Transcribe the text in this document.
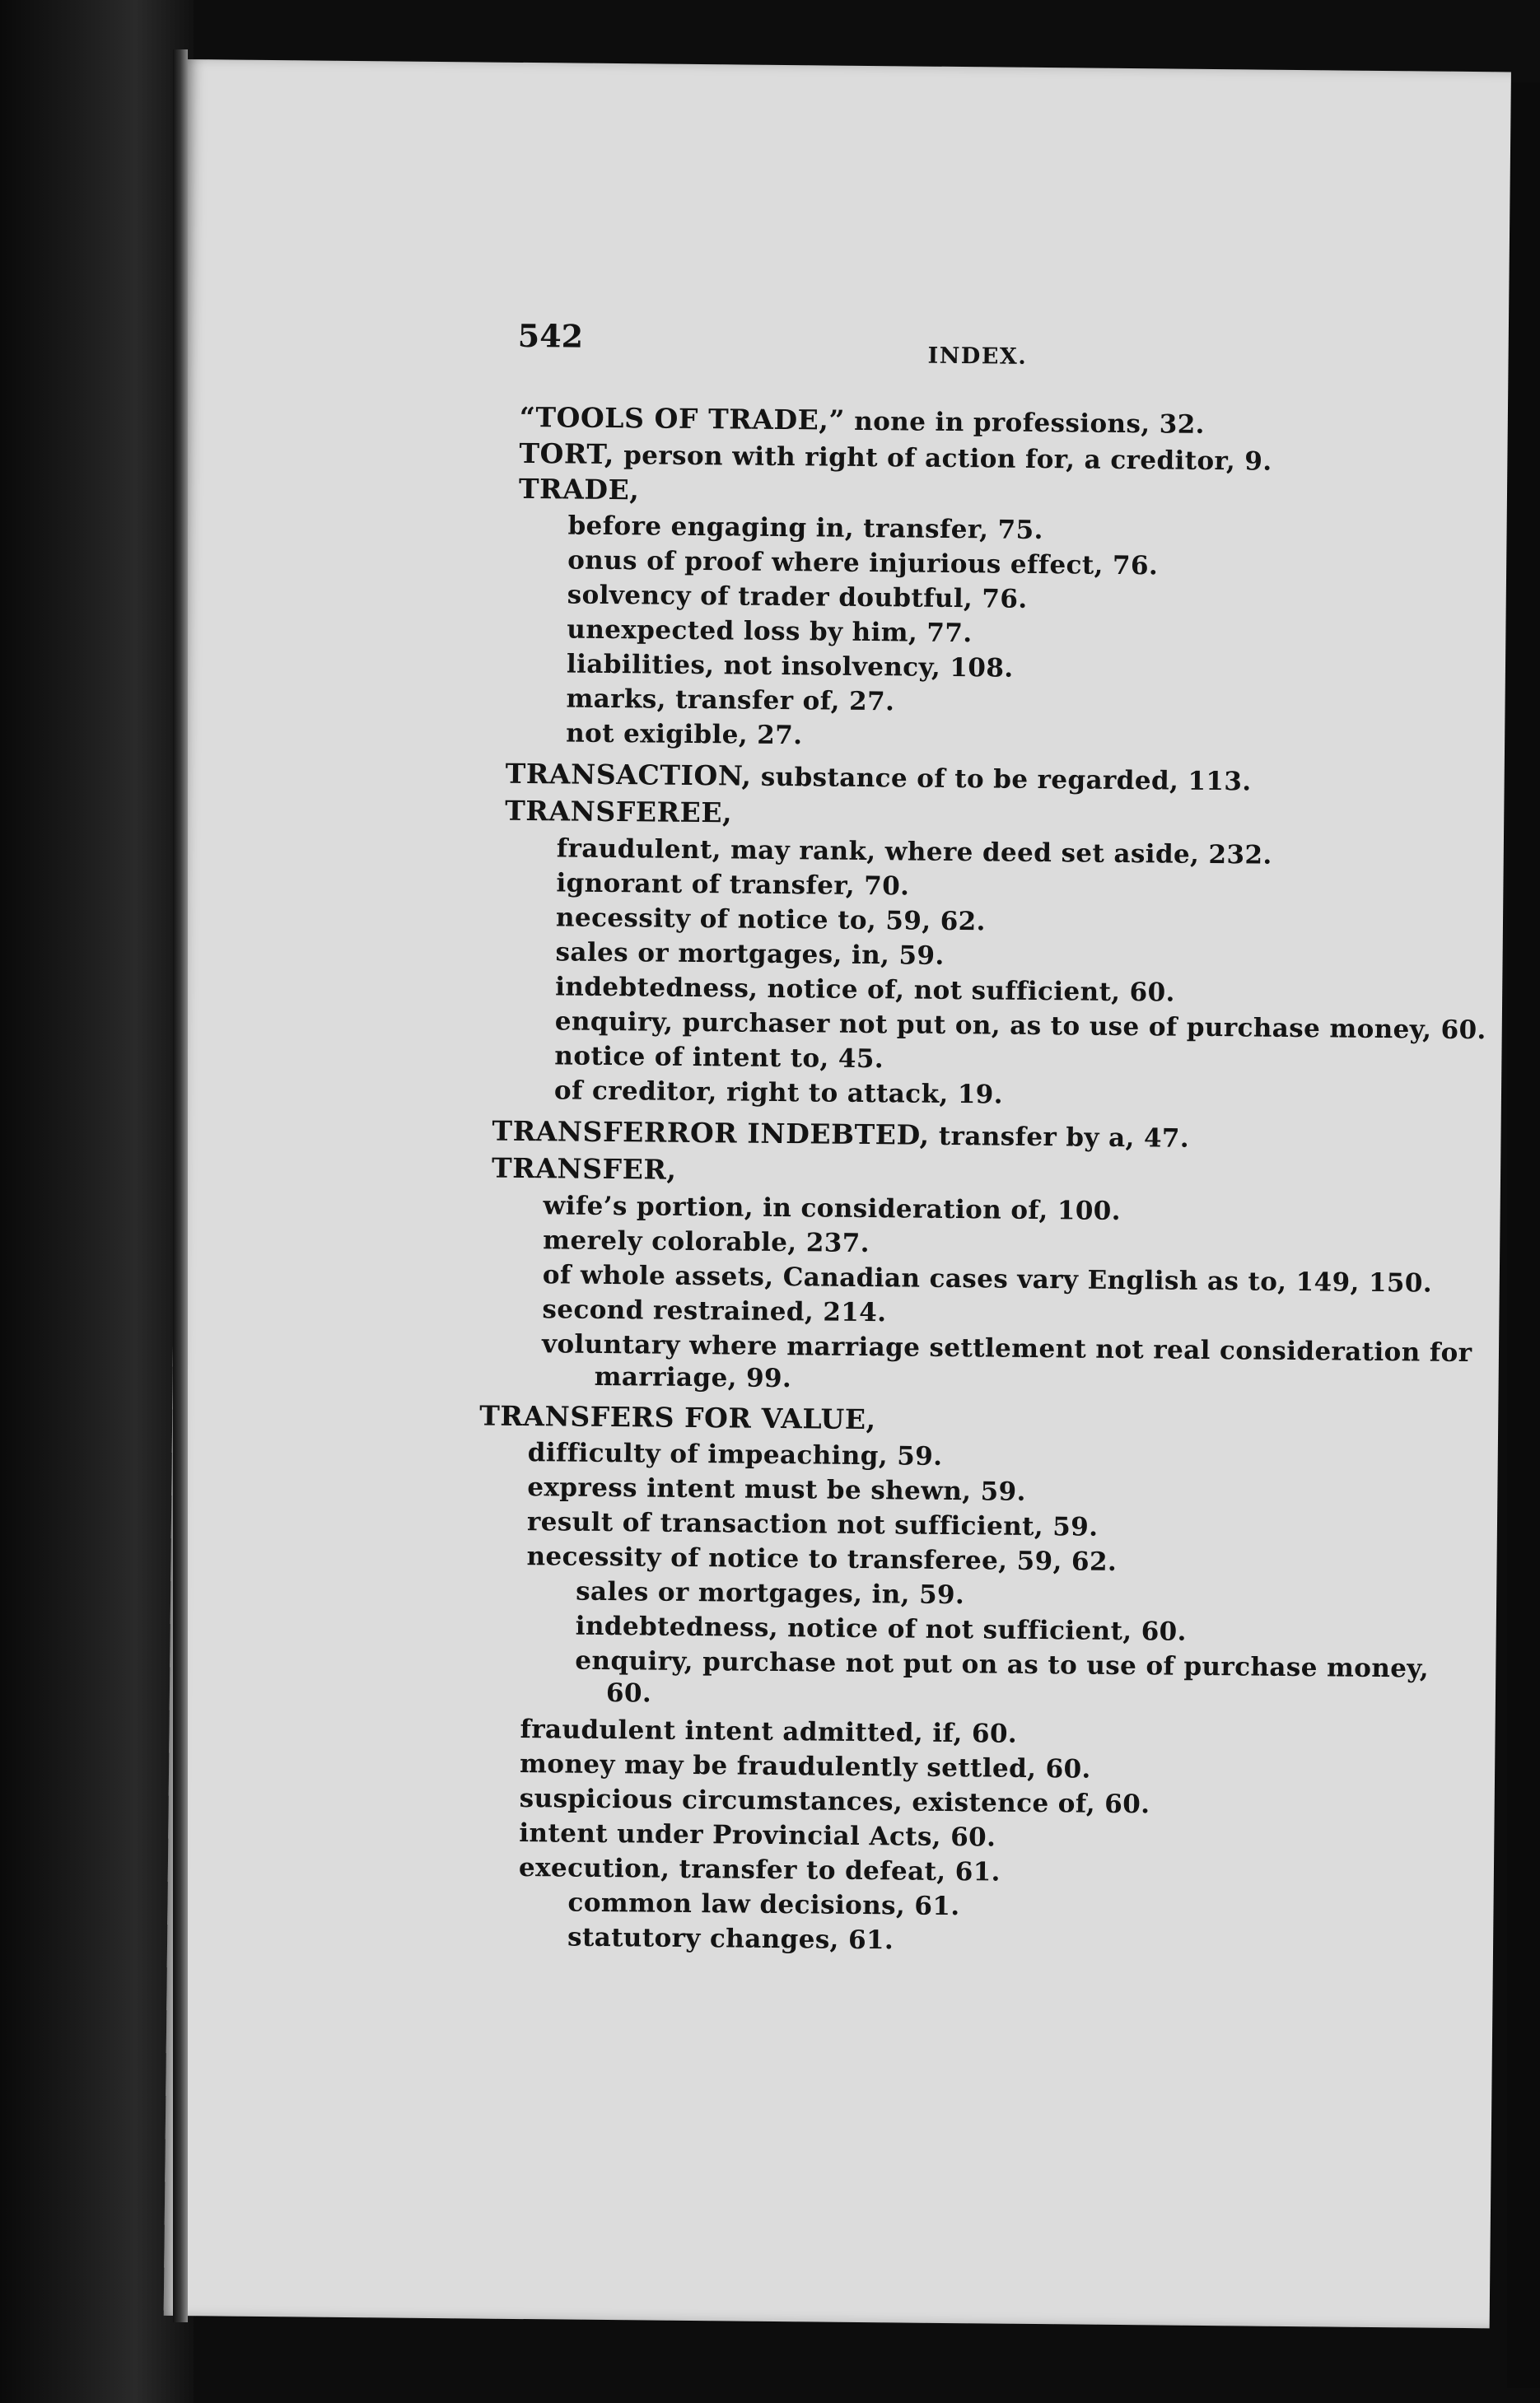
542
INDEX.
“TOOLS OF TRADE,” none in professions, 32.
TORT, person with right of action for, a creditor, 9.
TRADE,
before engaging in, transfer, 75.
onus of proof where injurious effect, 76.
solvency of trader doubtful, 76.
unexpected loss by him, 77.
liabilities, not insolvency, 108.
marks, transfer of, 27.
not exigible, 27.
TRANSACTION, substance of to be regarded, 113.
TRANSFEREE,
fraudulent, may rank, where deed set aside, 232.
ignorant of transfer, 70.
necessity of notice to, 59, 62.
sales or mortgages, in, 59.
indebtedness, notice of, not sufficient, 60.
enquiry, purchaser not put on, as to use of purchase money, 60.
notice of intent to, 45.
of creditor, right to attack, 19.
TRANSFERROR INDEBTED, transfer by a, 47.
TRANSFER,
wife’s portion, in consideration of, 100.
merely colorable, 237.
of whole assets, Canadian cases vary English as to, 149, 150.
second restrained, 214.
voluntary where marriage settlement not real consideration for
marriage, 99.
TRANSFERS FOR VALUE,
difficulty of impeaching, 59.
express intent must be shewn, 59.
result of transaction not sufficient, 59.
necessity of notice to transferee, 59, 62.
sales or mortgages, in, 59.
indebtedness, notice of not sufficient, 60.
enquiry, purchase not put on as to use of purchase money,
60.
fraudulent intent admitted, if, 60.
money may be fraudulently settled, 60.
suspicious circumstances, existence of, 60.
intent under Provincial Acts, 60.
execution, transfer to defeat, 61.
common law decisions, 61.
statutory changes, 61.
